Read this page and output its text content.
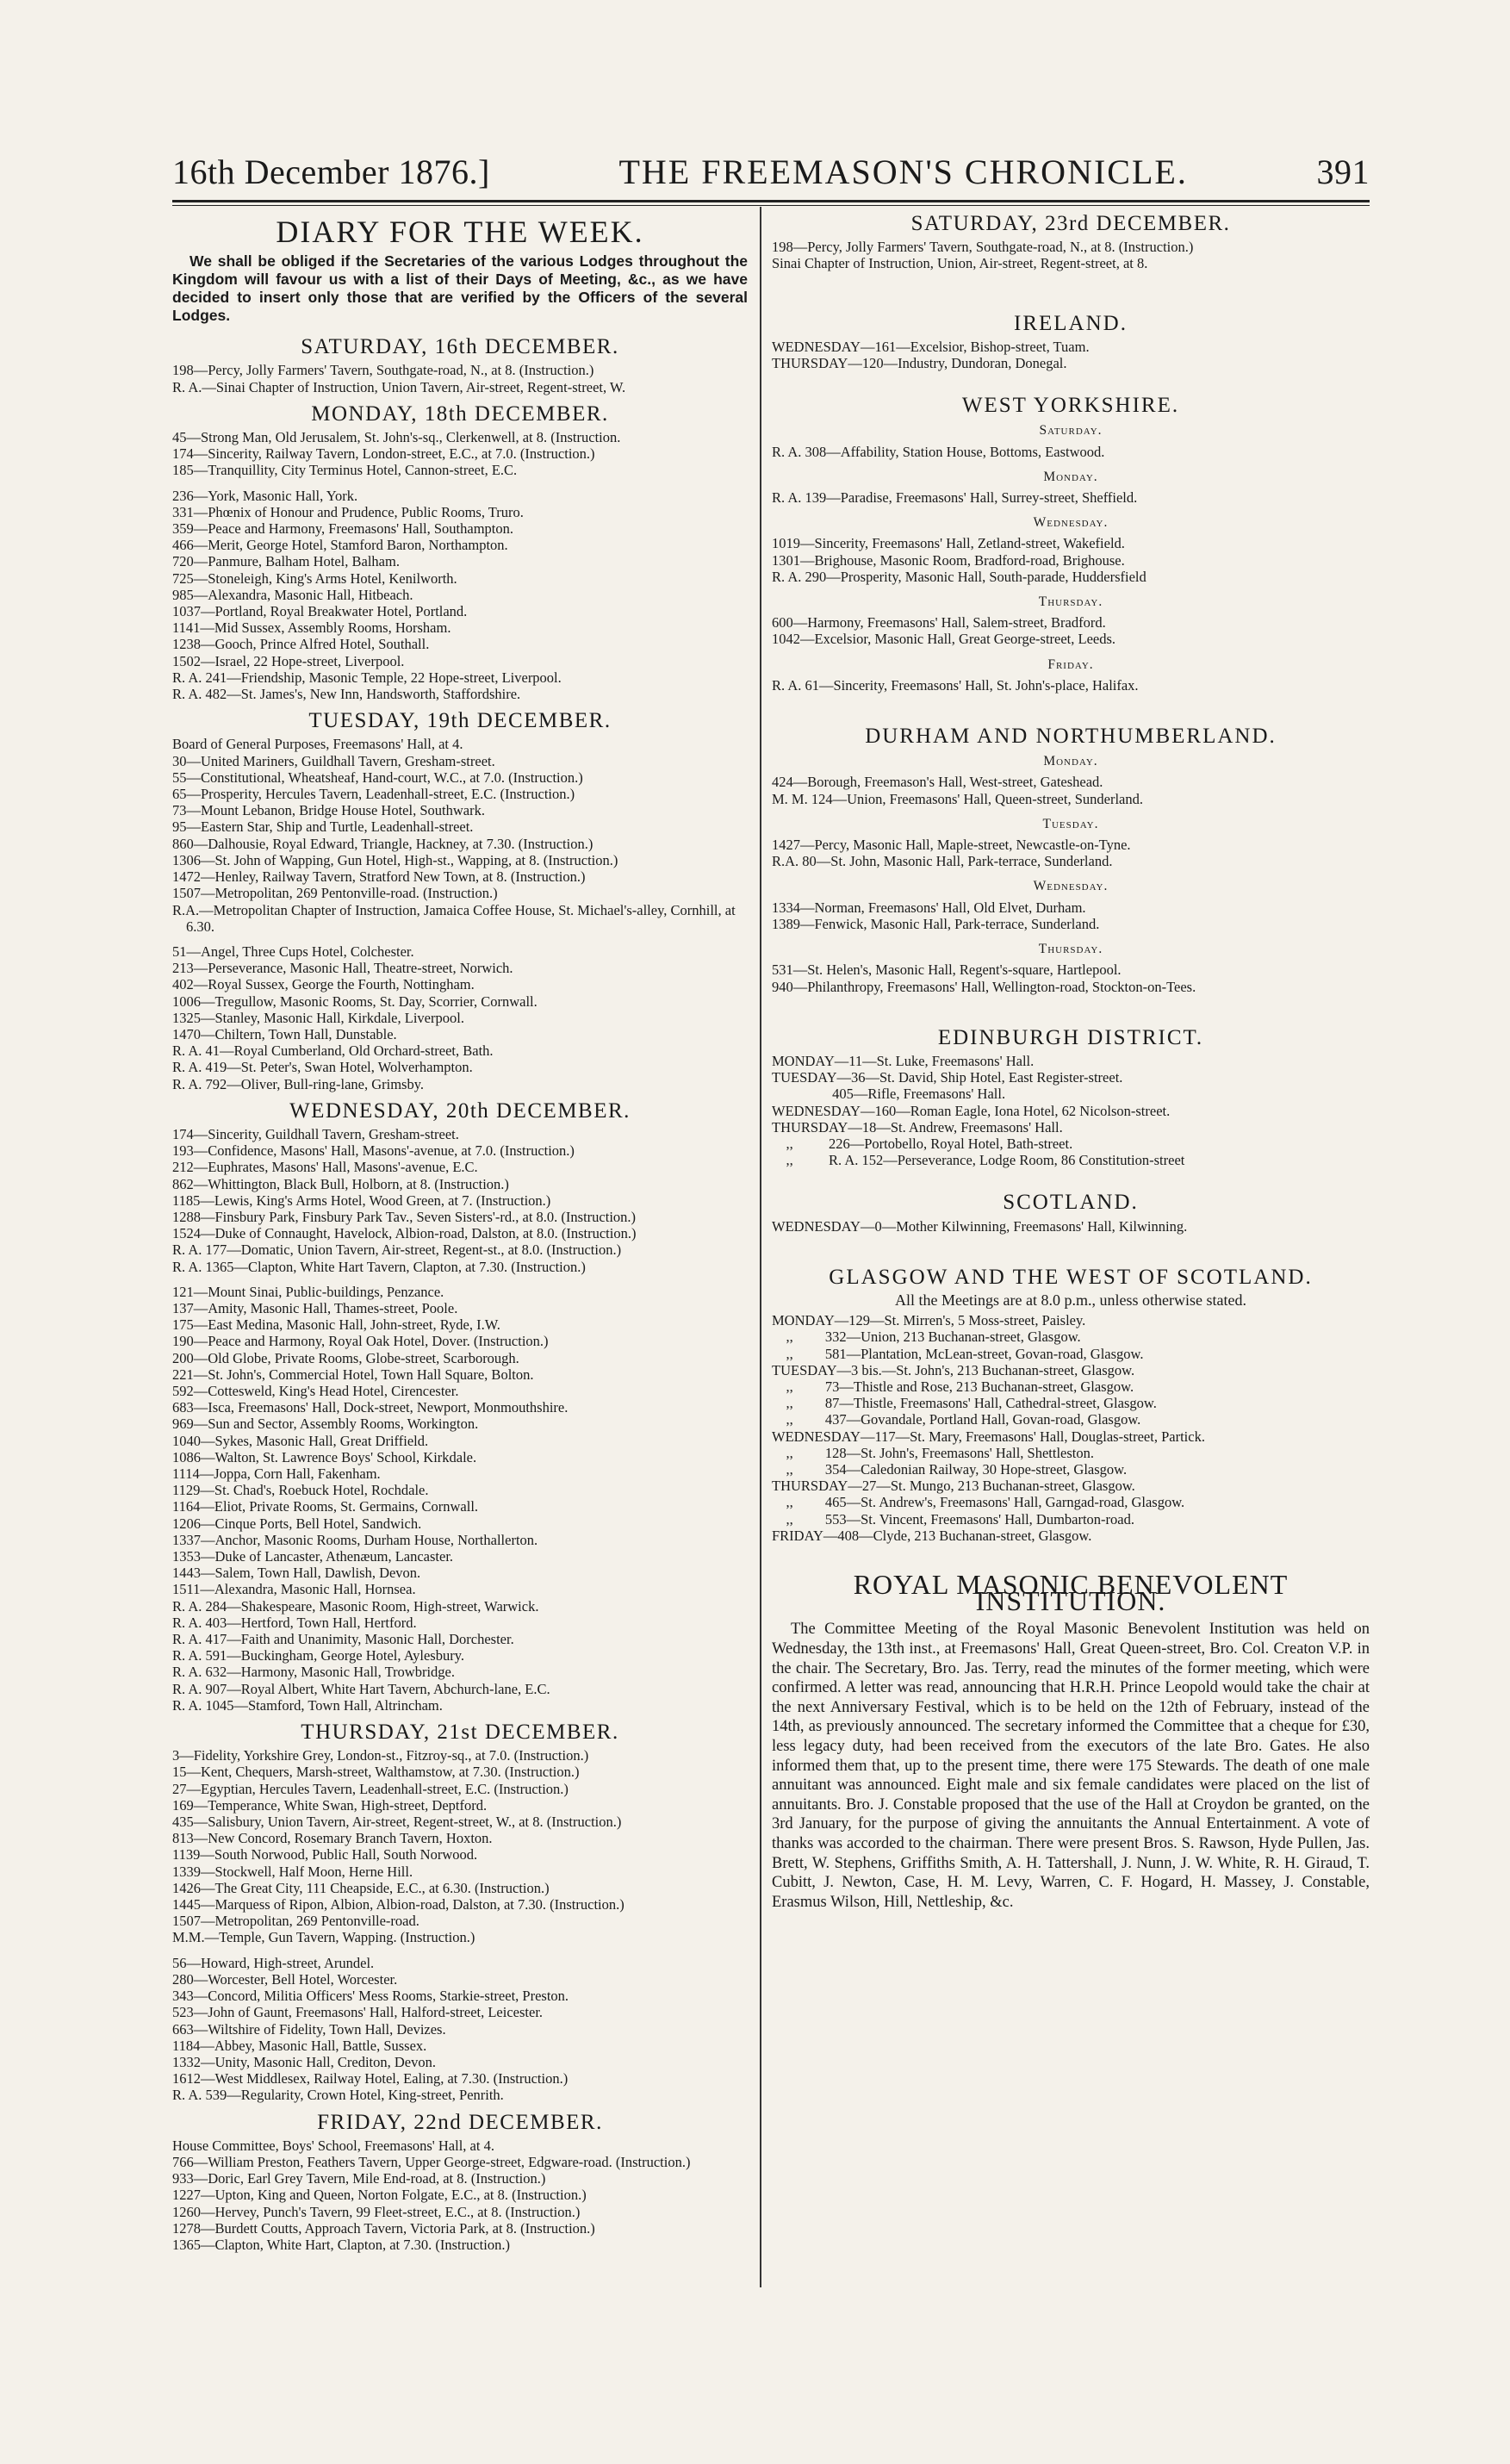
16th December 1876.]	THE FREEMASON'S CHRONICLE.	391
DIARY FOR THE WEEK.
We shall be obliged if the Secretaries of the various Lodges throughout the Kingdom will favour us with a list of their Days of Meeting, &c., as we have decided to insert only those that are verified by the Officers of the several Lodges.
SATURDAY, 16th DECEMBER.
198—Percy, Jolly Farmers' Tavern, Southgate-road, N., at 8. (Instruction.)
R. A.—Sinai Chapter of Instruction, Union Tavern, Air-street, Regent-street, W.
MONDAY, 18th DECEMBER.
45—Strong Man, Old Jerusalem, St. John's-sq., Clerkenwell, at 8. (Instruction.
174—Sincerity, Railway Tavern, London-street, E.C., at 7.0. (Instruction.)
185—Tranquillity, City Terminus Hotel, Cannon-street, E.C.
236—York, Masonic Hall, York.
331—Phœnix of Honour and Prudence, Public Rooms, Truro.
359—Peace and Harmony, Freemasons' Hall, Southampton.
466—Merit, George Hotel, Stamford Baron, Northampton.
720—Panmure, Balham Hotel, Balham.
725—Stoneleigh, King's Arms Hotel, Kenilworth.
985—Alexandra, Masonic Hall, Hitbeach.
1037—Portland, Royal Breakwater Hotel, Portland.
1141—Mid Sussex, Assembly Rooms, Horsham.
1238—Gooch, Prince Alfred Hotel, Southall.
1502—Israel, 22 Hope-street, Liverpool.
R. A. 241—Friendship, Masonic Temple, 22 Hope-street, Liverpool.
R. A. 482—St. James's, New Inn, Handsworth, Staffordshire.
TUESDAY, 19th DECEMBER.
Board of General Purposes, Freemasons' Hall, at 4.
30—United Mariners, Guildhall Tavern, Gresham-street.
55—Constitutional, Wheatsheaf, Hand-court, W.C., at 7.0. (Instruction.)
65—Prosperity, Hercules Tavern, Leadenhall-street, E.C. (Instruction.)
73—Mount Lebanon, Bridge House Hotel, Southwark.
95—Eastern Star, Ship and Turtle, Leadenhall-street.
860—Dalhousie, Royal Edward, Triangle, Hackney, at 7.30. (Instruction.)
1306—St. John of Wapping, Gun Hotel, High-st., Wapping, at 8. (Instruction.)
1472—Henley, Railway Tavern, Stratford New Town, at 8. (Instruction.)
1507—Metropolitan, 269 Pentonville-road. (Instruction.)
R.A.—Metropolitan Chapter of Instruction, Jamaica Coffee House, St. Michael's-alley, Cornhill, at 6.30.
51—Angel, Three Cups Hotel, Colchester.
213—Perseverance, Masonic Hall, Theatre-street, Norwich.
402—Royal Sussex, George the Fourth, Nottingham.
1006—Tregullow, Masonic Rooms, St. Day, Scorrier, Cornwall.
1325—Stanley, Masonic Hall, Kirkdale, Liverpool.
1470—Chiltern, Town Hall, Dunstable.
R. A. 41—Royal Cumberland, Old Orchard-street, Bath.
R. A. 419—St. Peter's, Swan Hotel, Wolverhampton.
R. A. 792—Oliver, Bull-ring-lane, Grimsby.
WEDNESDAY, 20th DECEMBER.
174—Sincerity, Guildhall Tavern, Gresham-street.
193—Confidence, Masons' Hall, Masons'-avenue, at 7.0. (Instruction.)
212—Euphrates, Masons' Hall, Masons'-avenue, E.C.
862—Whittington, Black Bull, Holborn, at 8. (Instruction.)
1185—Lewis, King's Arms Hotel, Wood Green, at 7. (Instruction.)
1288—Finsbury Park, Finsbury Park Tav., Seven Sisters'-rd., at 8.0. (Instruction.)
1524—Duke of Connaught, Havelock, Albion-road, Dalston, at 8.0. (Instruction.)
R. A. 177—Domatic, Union Tavern, Air-street, Regent-st., at 8.0. (Instruction.)
R. A. 1365—Clapton, White Hart Tavern, Clapton, at 7.30. (Instruction.)
121—Mount Sinai, Public-buildings, Penzance.
137—Amity, Masonic Hall, Thames-street, Poole.
175—East Medina, Masonic Hall, John-street, Ryde, I.W.
190—Peace and Harmony, Royal Oak Hotel, Dover. (Instruction.)
200—Old Globe, Private Rooms, Globe-street, Scarborough.
221—St. John's, Commercial Hotel, Town Hall Square, Bolton.
592—Cottesweld, King's Head Hotel, Cirencester.
683—Isca, Freemasons' Hall, Dock-street, Newport, Monmouthshire.
969—Sun and Sector, Assembly Rooms, Workington.
1040—Sykes, Masonic Hall, Great Driffield.
1086—Walton, St. Lawrence Boys' School, Kirkdale.
1114—Joppa, Corn Hall, Fakenham.
1129—St. Chad's, Roebuck Hotel, Rochdale.
1164—Eliot, Private Rooms, St. Germains, Cornwall.
1206—Cinque Ports, Bell Hotel, Sandwich.
1337—Anchor, Masonic Rooms, Durham House, Northallerton.
1353—Duke of Lancaster, Athenæum, Lancaster.
1443—Salem, Town Hall, Dawlish, Devon.
1511—Alexandra, Masonic Hall, Hornsea.
R. A. 284—Shakespeare, Masonic Room, High-street, Warwick.
R. A. 403—Hertford, Town Hall, Hertford.
R. A. 417—Faith and Unanimity, Masonic Hall, Dorchester.
R. A. 591—Buckingham, George Hotel, Aylesbury.
R. A. 632—Harmony, Masonic Hall, Trowbridge.
R. A. 907—Royal Albert, White Hart Tavern, Abchurch-lane, E.C.
R. A. 1045—Stamford, Town Hall, Altrincham.
THURSDAY, 21st DECEMBER.
3—Fidelity, Yorkshire Grey, London-st., Fitzroy-sq., at 7.0. (Instruction.)
15—Kent, Chequers, Marsh-street, Walthamstow, at 7.30. (Instruction.)
27—Egyptian, Hercules Tavern, Leadenhall-street, E.C. (Instruction.)
169—Temperance, White Swan, High-street, Deptford.
435—Salisbury, Union Tavern, Air-street, Regent-street, W., at 8. (Instruction.)
813—New Concord, Rosemary Branch Tavern, Hoxton.
1139—South Norwood, Public Hall, South Norwood.
1339—Stockwell, Half Moon, Herne Hill.
1426—The Great City, 111 Cheapside, E.C., at 6.30. (Instruction.)
1445—Marquess of Ripon, Albion, Albion-road, Dalston, at 7.30. (Instruction.)
1507—Metropolitan, 269 Pentonville-road.
M.M.—Temple, Gun Tavern, Wapping. (Instruction.)
56—Howard, High-street, Arundel.
280—Worcester, Bell Hotel, Worcester.
343—Concord, Militia Officers' Mess Rooms, Starkie-street, Preston.
523—John of Gaunt, Freemasons' Hall, Halford-street, Leicester.
663—Wiltshire of Fidelity, Town Hall, Devizes.
1184—Abbey, Masonic Hall, Battle, Sussex.
1332—Unity, Masonic Hall, Crediton, Devon.
1612—West Middlesex, Railway Hotel, Ealing, at 7.30. (Instruction.)
R. A. 539—Regularity, Crown Hotel, King-street, Penrith.
FRIDAY, 22nd DECEMBER.
House Committee, Boys' School, Freemasons' Hall, at 4.
766—William Preston, Feathers Tavern, Upper George-street, Edgware-road. (Instruction.)
933—Doric, Earl Grey Tavern, Mile End-road, at 8. (Instruction.)
1227—Upton, King and Queen, Norton Folgate, E.C., at 8. (Instruction.)
1260—Hervey, Punch's Tavern, 99 Fleet-street, E.C., at 8. (Instruction.)
1278—Burdett Coutts, Approach Tavern, Victoria Park, at 8. (Instruction.)
1365—Clapton, White Hart, Clapton, at 7.30. (Instruction.)
SATURDAY, 23rd DECEMBER.
198—Percy, Jolly Farmers' Tavern, Southgate-road, N., at 8. (Instruction.)
Sinai Chapter of Instruction, Union, Air-street, Regent-street, at 8.
IRELAND.
WEDNESDAY—161—Excelsior, Bishop-street, Tuam.
THURSDAY—120—Industry, Dundoran, Donegal.
WEST YORKSHIRE.
Saturday.
R. A. 308—Affability, Station House, Bottoms, Eastwood.
Monday.
R. A. 139—Paradise, Freemasons' Hall, Surrey-street, Sheffield.
Wednesday.
1019—Sincerity, Freemasons' Hall, Zetland-street, Wakefield.
1301—Brighouse, Masonic Room, Bradford-road, Brighouse.
R. A. 290—Prosperity, Masonic Hall, South-parade, Huddersfield
Thursday.
600—Harmony, Freemasons' Hall, Salem-street, Bradford.
1042—Excelsior, Masonic Hall, Great George-street, Leeds.
Friday.
R. A. 61—Sincerity, Freemasons' Hall, St. John's-place, Halifax.
DURHAM AND NORTHUMBERLAND.
Monday.
424—Borough, Freemason's Hall, West-street, Gateshead.
M. M. 124—Union, Freemasons' Hall, Queen-street, Sunderland.
Tuesday.
1427—Percy, Masonic Hall, Maple-street, Newcastle-on-Tyne.
R.A. 80—St. John, Masonic Hall, Park-terrace, Sunderland.
Wednesday.
1334—Norman, Freemasons' Hall, Old Elvet, Durham.
1389—Fenwick, Masonic Hall, Park-terrace, Sunderland.
Thursday.
531—St. Helen's, Masonic Hall, Regent's-square, Hartlepool.
940—Philanthropy, Freemasons' Hall, Wellington-road, Stockton-on-Tees.
EDINBURGH DISTRICT.
MONDAY—11—St. Luke, Freemasons' Hall.
TUESDAY—36—St. David, Ship Hotel, East Register-street.
405—Rifle, Freemasons' Hall.
WEDNESDAY—160—Roman Eagle, Iona Hotel, 62 Nicolson-street.
THURSDAY—18—St. Andrew, Freemasons' Hall.
,,          226—Portobello, Royal Hotel, Bath-street.
,,          R. A. 152—Perseverance, Lodge Room, 86 Constitution-street
SCOTLAND.
WEDNESDAY—0—Mother Kilwinning, Freemasons' Hall, Kilwinning.
GLASGOW AND THE WEST OF SCOTLAND.
All the Meetings are at 8.0 p.m., unless otherwise stated.
MONDAY—129—St. Mirren's, 5 Moss-street, Paisley.
,,         332—Union, 213 Buchanan-street, Glasgow.
,,         581—Plantation, McLean-street, Govan-road, Glasgow.
TUESDAY—3 bis.—St. John's, 213 Buchanan-street, Glasgow.
,,         73—Thistle and Rose, 213 Buchanan-street, Glasgow.
,,         87—Thistle, Freemasons' Hall, Cathedral-street, Glasgow.
,,         437—Govandale, Portland Hall, Govan-road, Glasgow.
WEDNESDAY—117—St. Mary, Freemasons' Hall, Douglas-street, Partick.
,,         128—St. John's, Freemasons' Hall, Shettleston.
,,         354—Caledonian Railway, 30 Hope-street, Glasgow.
THURSDAY—27—St. Mungo, 213 Buchanan-street, Glasgow.
,,         465—St. Andrew's, Freemasons' Hall, Garngad-road, Glasgow.
,,         553—St. Vincent, Freemasons' Hall, Dumbarton-road.
FRIDAY—408—Clyde, 213 Buchanan-street, Glasgow.
ROYAL MASONIC BENEVOLENT INSTITUTION.

The Committee Meeting of the Royal Masonic Benevolent Institution was held on Wednesday, the 13th inst., at Freemasons' Hall, Great Queen-street, Bro. Col. Creaton V.P. in the chair. The Secretary, Bro. Jas. Terry, read the minutes of the former meeting, which were confirmed. A letter was read, announcing that H.R.H. Prince Leopold would take the chair at the next Anniversary Festival, which is to be held on the 12th of February, instead of the 14th, as previously announced. The secretary informed the Committee that a cheque for £30, less legacy duty, had been received from the executors of the late Bro. Gates. He also informed them that, up to the present time, there were 175 Stewards. The death of one male annuitant was announced. Eight male and six female candidates were placed on the list of annuitants. Bro. J. Constable proposed that the use of the Hall at Croydon be granted, on the 3rd January, for the purpose of giving the annuitants the Annual Entertainment. A vote of thanks was accorded to the chairman. There were present Bros. S. Rawson, Hyde Pullen, Jas. Brett, W. Stephens, Griffiths Smith, A. H. Tattershall, J. Nunn, J. W. White, R. H. Giraud, T. Cubitt, J. Newton, Case, H. M. Levy, Warren, C. F. Hogard, H. Massey, J. Constable, Erasmus Wilson, Hill, Nettleship, &c.
